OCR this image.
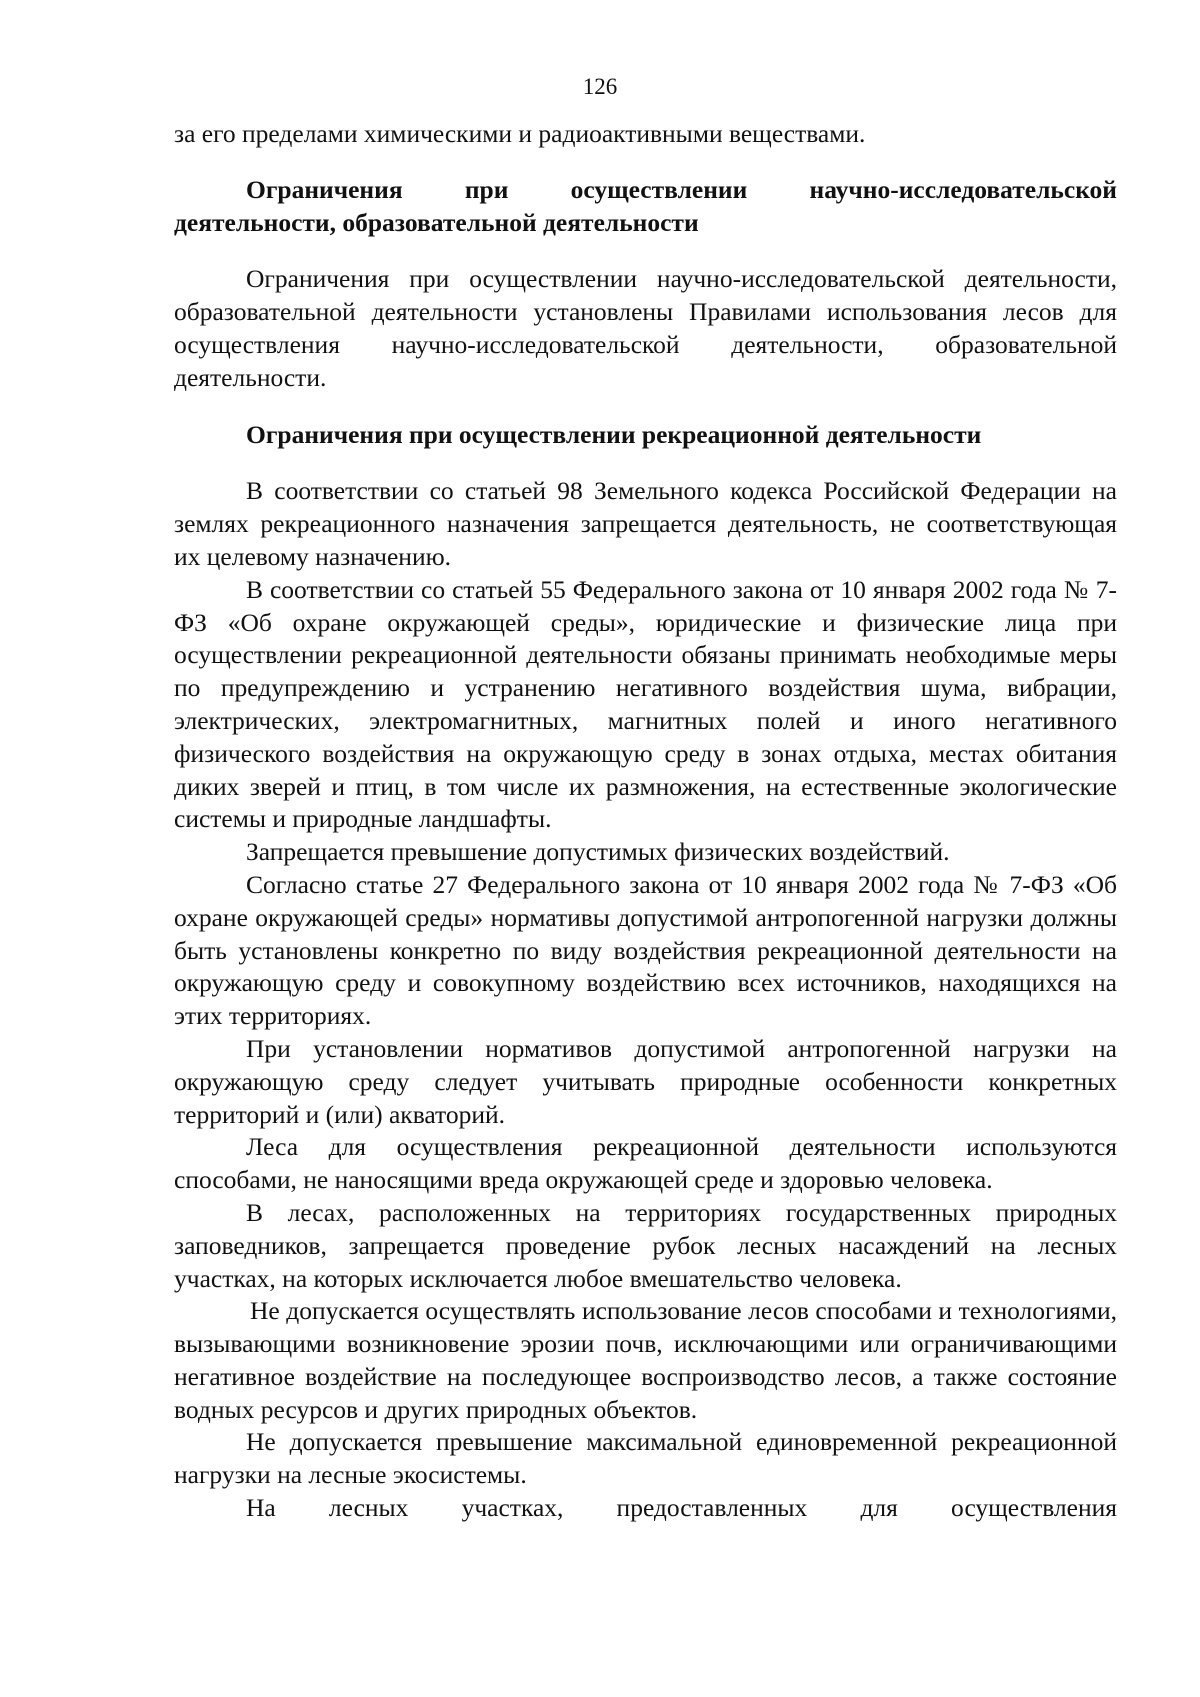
126

за его пределами химическими и радиоактивными веществами.

Ограничения при осуществлении научно-исследовательской деятельности, образовательной деятельности

Ограничения при осуществлении научно-исследовательской деятельности, образовательной деятельности установлены Правилами использования лесов для осуществления научно-исследовательской деятельности, образовательной деятельности.

Ограничения при осуществлении рекреационной деятельности

В соответствии со статьей 98 Земельного кодекса Российской Федерации на землях рекреационного назначения запрещается деятельность, не соответствующая их целевому назначению.

В соответствии со статьей 55 Федерального закона от 10 января 2002 года № 7-ФЗ «Об охране окружающей среды», юридические и физические лица при осуществлении рекреационной деятельности обязаны принимать необходимые меры по предупреждению и устранению негативного воздействия шума, вибрации, электрических, электромагнитных, магнитных полей и иного негативного физического воздействия на окружающую среду в зонах отдыха, местах обитания диких зверей и птиц, в том числе их размножения, на естественные экологические системы и природные ландшафты.

Запрещается превышение допустимых физических воздействий.

Согласно статье 27 Федерального закона от 10 января 2002 года № 7-ФЗ «Об охране окружающей среды» нормативы допустимой антропогенной нагрузки должны быть установлены конкретно по виду воздействия рекреационной деятельности на окружающую среду и совокупному воздействию всех источников, находящихся на этих территориях.

При установлении нормативов допустимой антропогенной нагрузки на окружающую среду следует учитывать природные особенности конкретных территорий и (или) акваторий.

Леса для осуществления рекреационной деятельности используются способами, не наносящими вреда окружающей среде и здоровью человека.

В лесах, расположенных на территориях государственных природных заповедников, запрещается проведение рубок лесных насаждений на лесных участках, на которых исключается любое вмешательство человека.

Не допускается осуществлять использование лесов способами и технологиями, вызывающими возникновение эрозии почв, исключающими или ограничивающими негативное воздействие на последующее воспроизводство лесов, а также состояние водных ресурсов и других природных объектов.

Не допускается превышение максимальной единовременной рекреационной нагрузки на лесные экосистемы.

На лесных участках, предоставленных для осуществления
